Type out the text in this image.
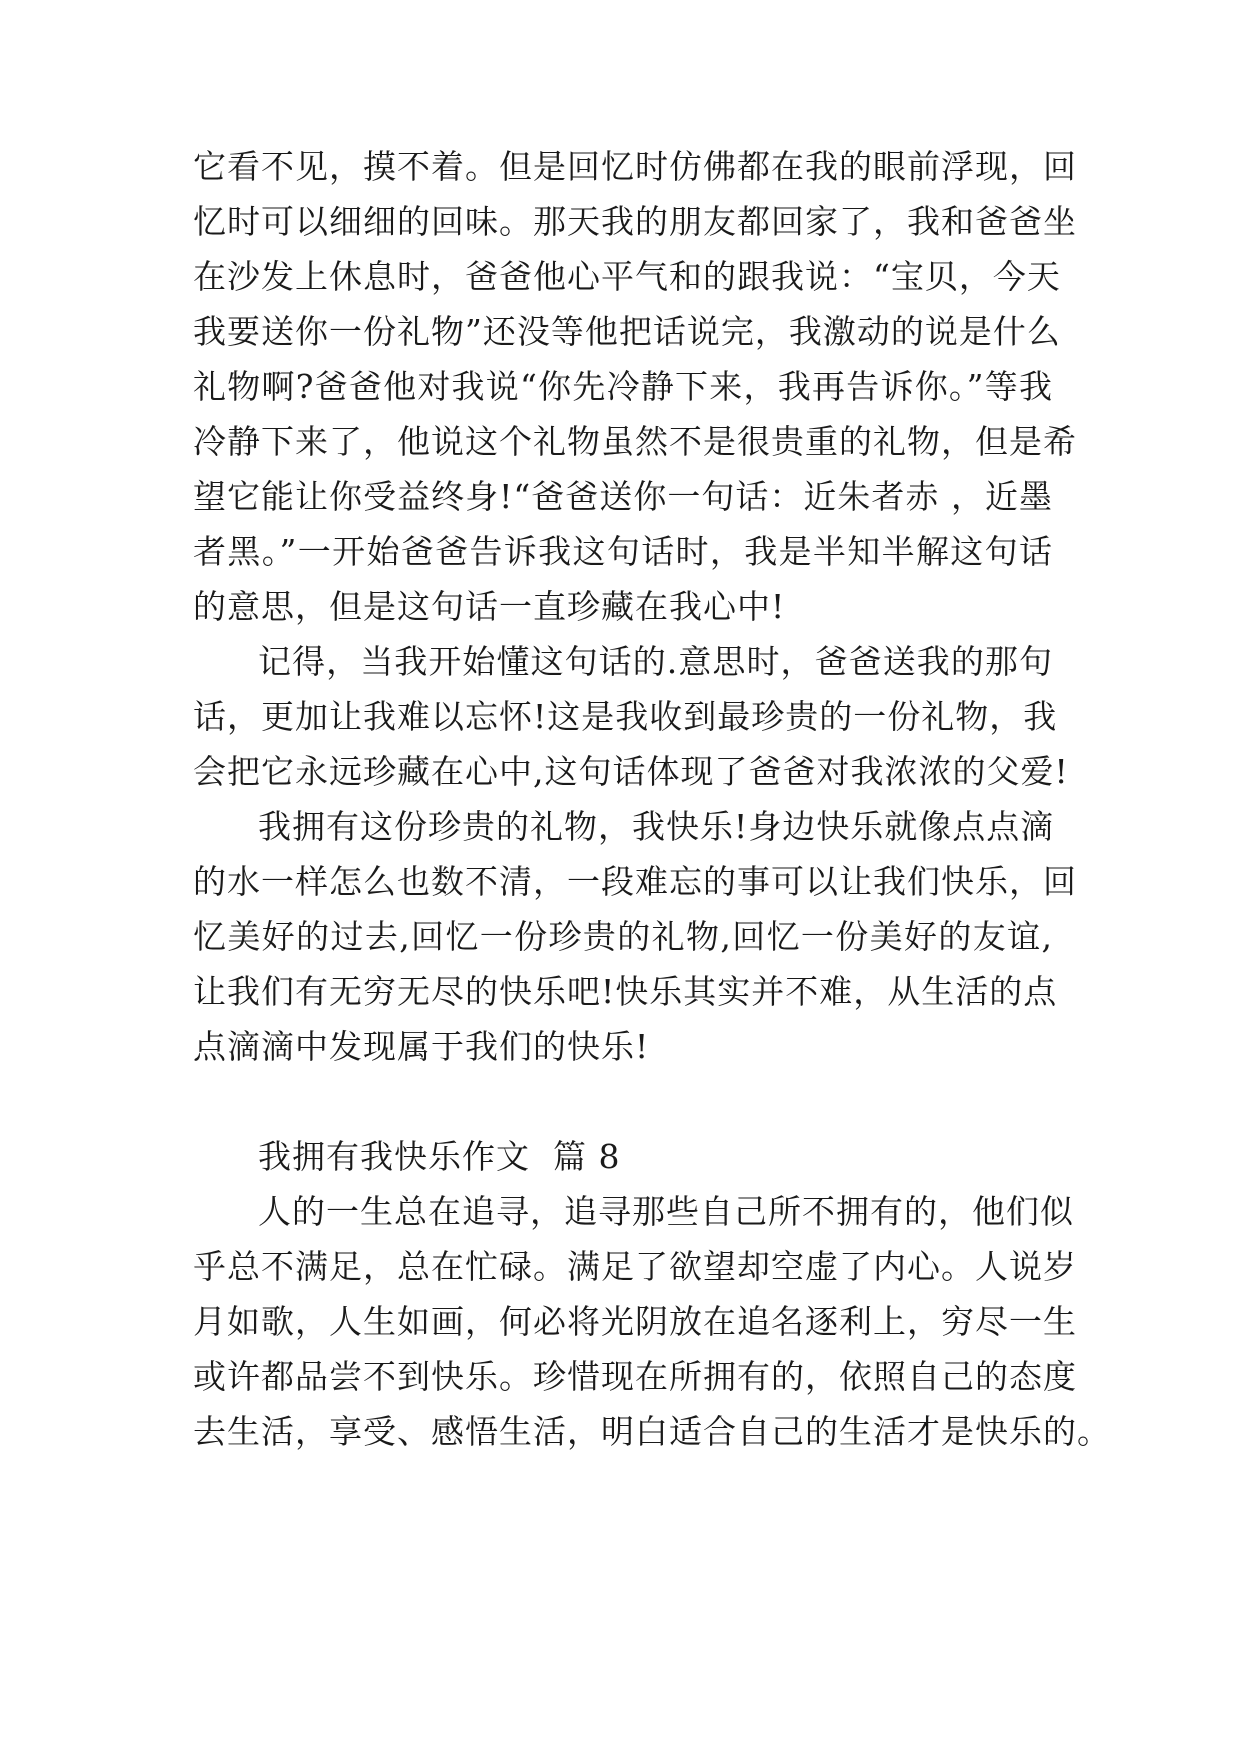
它看不见，摸不着。但是回忆时仿佛都在我的眼前浮现，回
忆时可以细细的回味。那天我的朋友都回家了，我和爸爸坐
在沙发上休息时，爸爸他心平气和的跟我说：“宝贝，今天
我要送你一份礼物”还没等他把话说完，我激动的说是什么
礼物啊?爸爸他对我说“你先冷静下来，我再告诉你。”等我
冷静下来了，他说这个礼物虽然不是很贵重的礼物，但是希
望它能让你受益终身!“爸爸送你一句话：近朱者赤 ，近墨
者黑。”一开始爸爸告诉我这句话时，我是半知半解这句话
的意思，但是这句话一直珍藏在我心中!
记得，当我开始懂这句话的.意思时，爸爸送我的那句
话，更加让我难以忘怀!这是我收到最珍贵的一份礼物，我
会把它永远珍藏在心中,这句话体现了爸爸对我浓浓的父爱!
我拥有这份珍贵的礼物，我快乐!身边快乐就像点点滴
的水一样怎么也数不清，一段难忘的事可以让我们快乐，回
忆美好的过去,回忆一份珍贵的礼物,回忆一份美好的友谊,
让我们有无穷无尽的快乐吧!快乐其实并不难，从生活的点
点滴滴中发现属于我们的快乐!
我拥有我快乐作文  篇 8
人的一生总在追寻，追寻那些自己所不拥有的，他们似
乎总不满足，总在忙碌。满足了欲望却空虚了内心。人说岁
月如歌，人生如画，何必将光阴放在追名逐利上，穷尽一生
或许都品尝不到快乐。珍惜现在所拥有的，依照自己的态度
去生活，享受、感悟生活，明白适合自己的生活才是快乐的。
